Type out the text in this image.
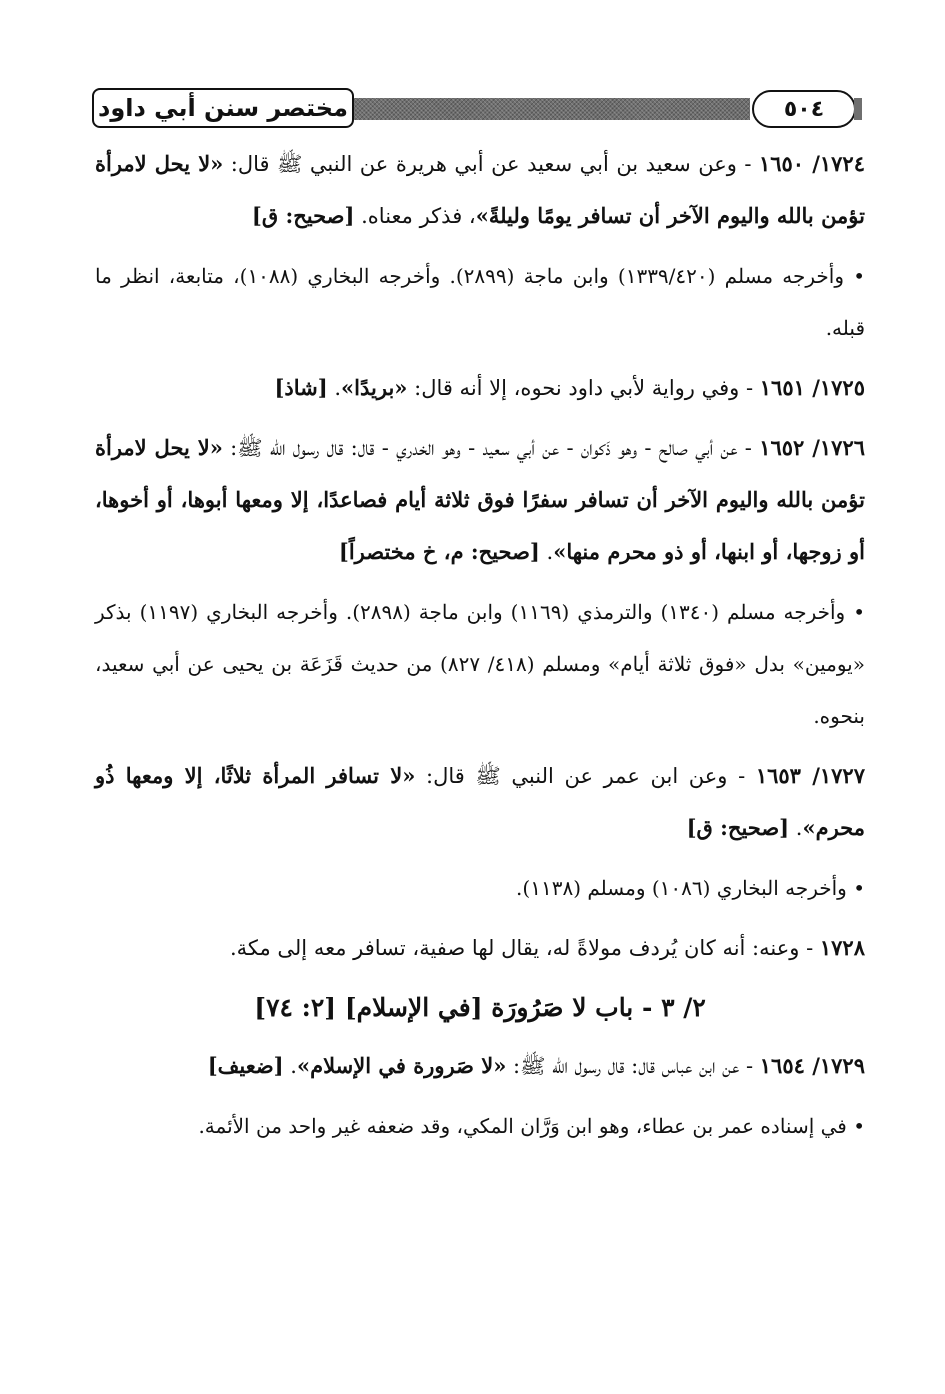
مختصر سنن أبي داود	٥٠٤

١٧٢٤/ ١٦٥٠ - وعن سعيد بن أبي سعيد عن أبي هريرة عن النبي ﷺ قال: «لا يحل لامرأة تؤمن بالله واليوم الآخر أن تسافر يومًا وليلةً»، فذكر معناه. [صحيح: ق]

• وأخرجه مسلم (١٣٣٩/٤٢٠) وابن ماجة (٢٨٩٩). وأخرجه البخاري (١٠٨٨)، متابعة، انظر ما قبله.

١٧٢٥/ ١٦٥١ - وفي رواية لأبي داود نحوه، إلا أنه قال: «بريدًا». [شاذ]

١٧٢٦/ ١٦٥٢ - عن أبي صالح - وهو ذَكوان - عن أبي سعيد - وهو الخدري - قال: قال رسول الله ﷺ: «لا يحل لامرأة تؤمن بالله واليوم الآخر أن تسافر سفرًا فوق ثلاثة أيام فصاعدًا، إلا ومعها أبوها، أو أخوها، أو زوجها، أو ابنها، أو ذو محرم منها». [صحيح: م، خ مختصراً]

• وأخرجه مسلم (١٣٤٠) والترمذي (١١٦٩) وابن ماجة (٢٨٩٨). وأخرجه البخاري (١١٩٧) بذكر «يومين» بدل «فوق ثلاثة أيام» ومسلم (٤١٨/ ٨٢٧) من حديث قَزَعَة بن يحيى عن أبي سعيد، بنحوه.

١٧٢٧/ ١٦٥٣ - وعن ابن عمر عن النبي ﷺ قال: «لا تسافر المرأة ثلاثًا، إلا ومعها ذُو محرم». [صحيح: ق]

• وأخرجه البخاري (١٠٨٦) ومسلم (١١٣٨).

١٧٢٨ - وعنه: أنه كان يُردف مولاةً له، يقال لها صفية، تسافر معه إلى مكة.

٢/ ٣ - باب لا صَرُورَة [في الإسلام] [٢: ٧٤]

١٧٢٩/ ١٦٥٤ - عن ابن عباس قال: قال رسول الله ﷺ: «لا صَرورة في الإسلام». [ضعيف]

• في إسناده عمر بن عطاء، وهو ابن وَرَّان المكي، وقد ضعفه غير واحد من الأئمة.
